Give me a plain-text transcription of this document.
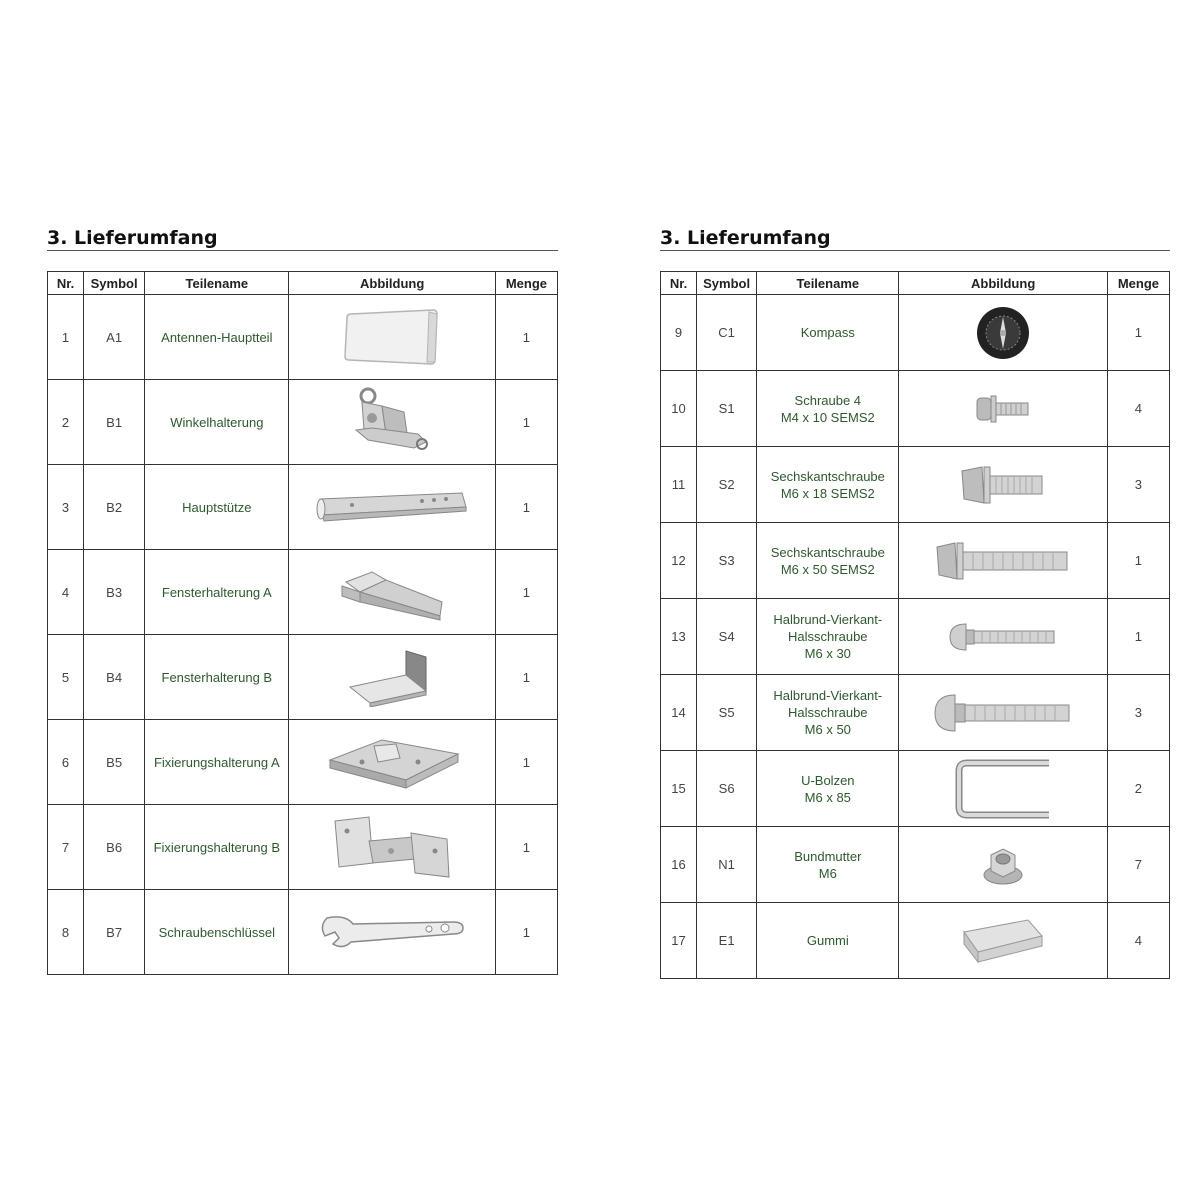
3. Lieferumfang
Nr.	Symbol	Teilename	Abbildung	Menge
1	A1	Antennen-Hauptteil		1
2	B1	Winkelhalterung		1
3	B2	Hauptstütze		1
4	B3	Fensterhalterung A		1
5	B4	Fensterhalterung B		1
6	B5	Fixierungshalterung A		1
7	B6	Fixierungshalterung B		1
8	B7	Schraubenschlüssel		1
3. Lieferumfang
Nr.	Symbol	Teilename	Abbildung	Menge
9	C1	Kompass		1
10	S1	Schraube 4
M4 x 10 SEMS2		4
11	S2	Sechskantschraube
M6 x 18 SEMS2		3
12	S3	Sechskantschraube
M6 x 50 SEMS2		1
13	S4	Halbrund-Vierkant-
Halsschraube
M6 x 30		1
14	S5	Halbrund-Vierkant-
Halsschraube
M6 x 50		3
15	S6	U-Bolzen
M6 x 85		2
16	N1	Bundmutter
M6		7
17	E1	Gummi		4
